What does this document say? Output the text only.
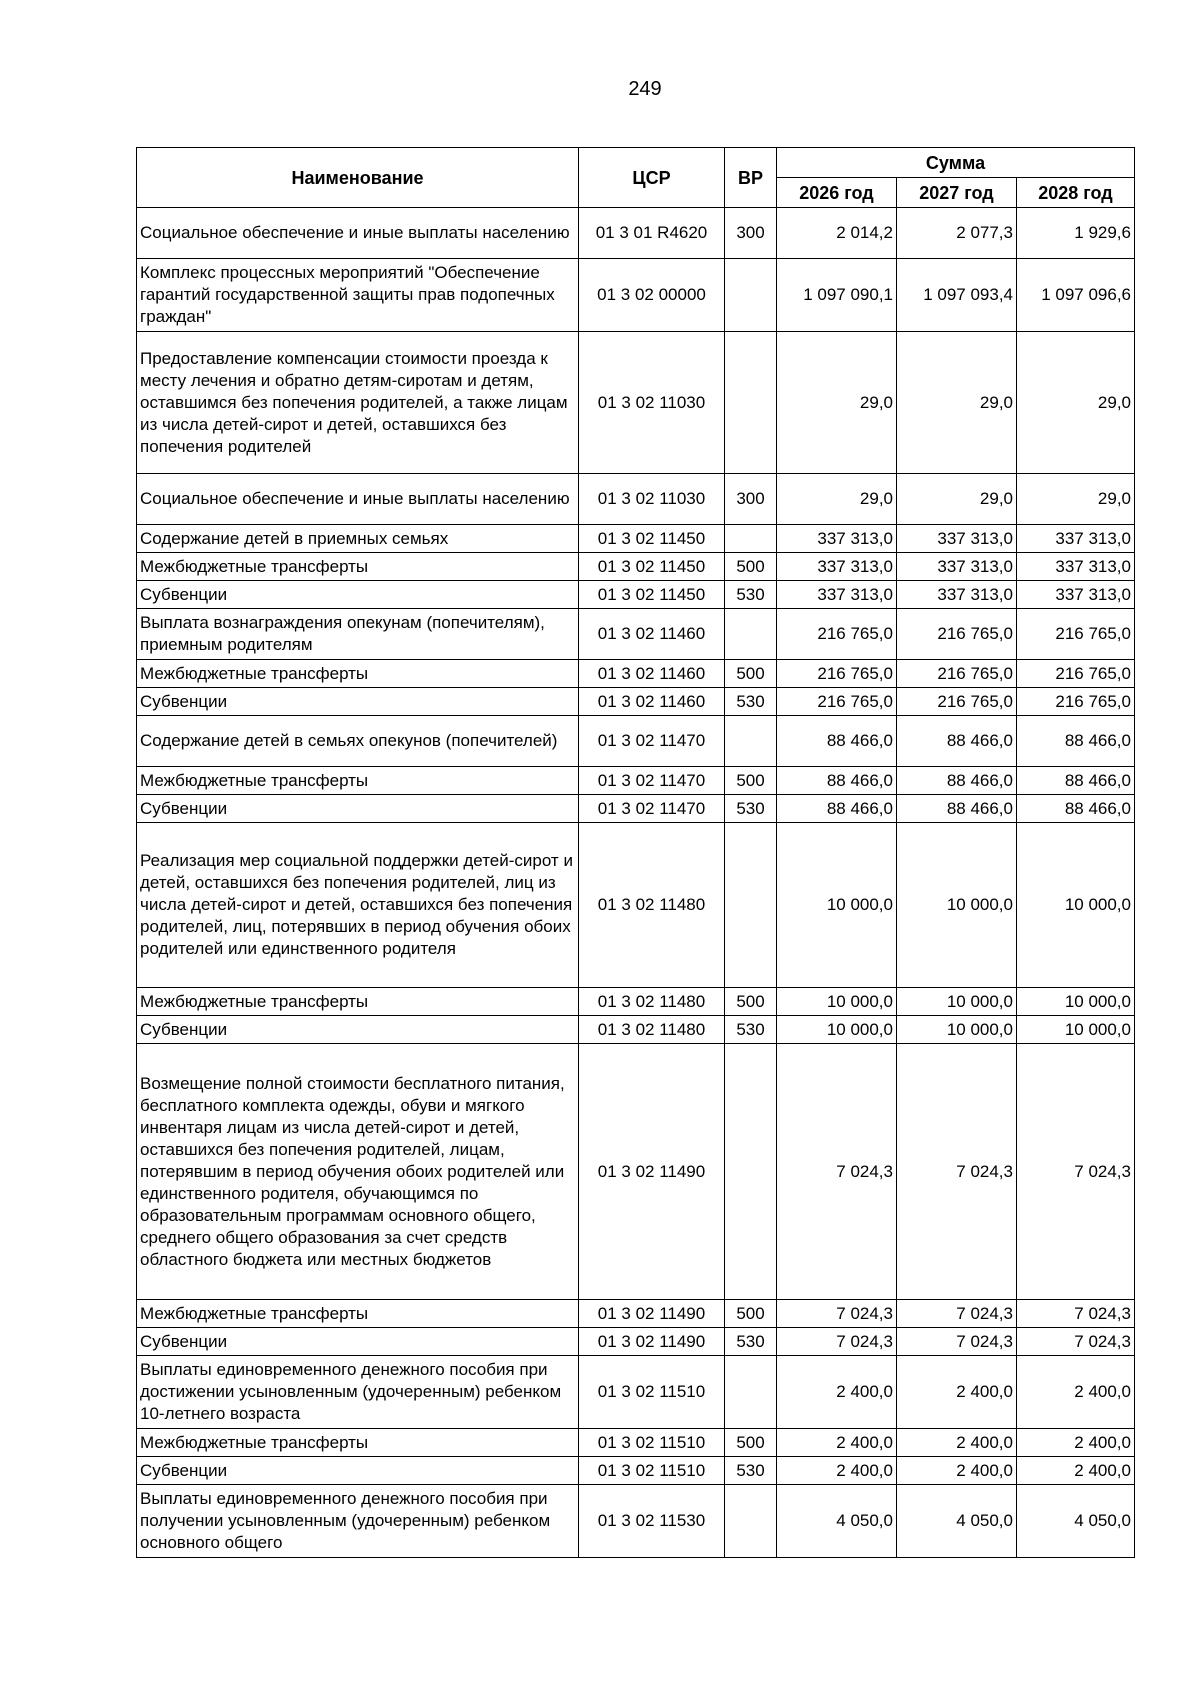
249
Наименование	ЦСР	ВР	Сумма		
			2026 год	2027 год	2028 год
Социальное обеспечение и иные выплаты населению	01 3 01 R4620	300	2 014,2	2 077,3	1 929,6
Комплекс процессных мероприятий "Обеспечение гарантий государственной защиты прав подопечных граждан"	01 3 02 00000		1 097 090,1	1 097 093,4	1 097 096,6
Предоставление компенсации стоимости проезда к месту лечения и обратно детям-сиротам и детям, оставшимся без попечения родителей, а также лицам из числа детей-сирот и детей, оставшихся без попечения родителей	01 3 02 11030		29,0	29,0	29,0
Социальное обеспечение и иные выплаты населению	01 3 02 11030	300	29,0	29,0	29,0
Содержание детей в приемных семьях	01 3 02 11450		337 313,0	337 313,0	337 313,0
Межбюджетные трансферты	01 3 02 11450	500	337 313,0	337 313,0	337 313,0
Субвенции	01 3 02 11450	530	337 313,0	337 313,0	337 313,0
Выплата вознаграждения опекунам (попечителям), приемным родителям	01 3 02 11460		216 765,0	216 765,0	216 765,0
Межбюджетные трансферты	01 3 02 11460	500	216 765,0	216 765,0	216 765,0
Субвенции	01 3 02 11460	530	216 765,0	216 765,0	216 765,0
Содержание детей в семьях опекунов (попечителей)	01 3 02 11470		88 466,0	88 466,0	88 466,0
Межбюджетные трансферты	01 3 02 11470	500	88 466,0	88 466,0	88 466,0
Субвенции	01 3 02 11470	530	88 466,0	88 466,0	88 466,0
Реализация мер социальной поддержки детей-сирот и детей, оставшихся без попечения родителей, лиц из числа детей-сирот и детей, оставшихся без попечения родителей, лиц, потерявших в период обучения обоих родителей или единственного родителя	01 3 02 11480		10 000,0	10 000,0	10 000,0
Межбюджетные трансферты	01 3 02 11480	500	10 000,0	10 000,0	10 000,0
Субвенции	01 3 02 11480	530	10 000,0	10 000,0	10 000,0
Возмещение полной стоимости бесплатного питания, бесплатного комплекта одежды, обуви и мягкого инвентаря лицам из числа детей-сирот и детей, оставшихся без попечения родителей, лицам, потерявшим в период обучения обоих родителей или единственного родителя, обучающимся по образовательным программам основного общего, среднего общего образования за счет средств областного бюджета или местных бюджетов	01 3 02 11490		7 024,3	7 024,3	7 024,3
Межбюджетные трансферты	01 3 02 11490	500	7 024,3	7 024,3	7 024,3
Субвенции	01 3 02 11490	530	7 024,3	7 024,3	7 024,3
Выплаты единовременного денежного пособия при достижении усыновленным (удочеренным) ребенком 10-летнего возраста	01 3 02 11510		2 400,0	2 400,0	2 400,0
Межбюджетные трансферты	01 3 02 11510	500	2 400,0	2 400,0	2 400,0
Субвенции	01 3 02 11510	530	2 400,0	2 400,0	2 400,0
Выплаты единовременного денежного пособия при получении усыновленным (удочеренным) ребенком основного общего	01 3 02 11530		4 050,0	4 050,0	4 050,0
